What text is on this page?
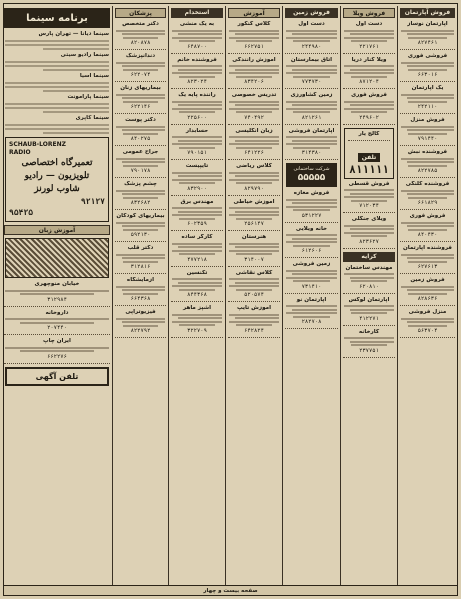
فروش آپارتمان
آپارتمان نوساز
۸۲۷۴۶۱
فروشی فوری
۶۶۳۰۱۶
یک آپارتمان
۲۴۲۱۱۰
فروش منزل
۷۹۱۴۴۰
فروشنده نبش
۸۲۲۷۸۵
فروشنده کلنگی
۶۶۱۸۲۹
فروش فوری
۸۴۰۴۳۰
فروشنده آپارتمان
۶۲۷۶۱۳
فروش زمین
۸۲۸۶۳۶
منزل فروشی
۵۶۳۷۰۴
فروش ویلا
دست اول
۲۲۱۷۶۱
ویلا کنار دریا
۸۷۱۲۰۴
فروش فوری
۲۴۹۶۰۲
کالج یار
تلفن
۸۱۱۱۱۱
فروش قسطی
۷۱۲۰۳۴
ویلای جنگلی
۸۲۳۶۲۷
کرایه
مهندس ساختمان
۶۲۰۸۱۰
آپارتمان لوکس
۴۱۲۲۷۱
کارخانه
۲۳۷۷۵۱
فروش زمین
دست اول
۲۴۴۹۸۰
اتاق بیمارستان
۷۷۳۷۳۰
زمین کشاورزی
۸۲۱۲۶۱
آپارتمان فروشی
۳۱۴۳۸۰
شرکت ساختمانی
۵۵۵۵۵
فروش مغازه
۵۳۱۲۲۷
خانه ویلایی
۶۱۲۶۰۶
زمین فروشی
۷۳۱۴۱۰
آپارتمان نو
۲۸۲۷۰۸
آموزش
کلاس کنکور
۶۶۲۷۵۱
آموزش رانندگی
۸۳۴۲۰۶
تدریس خصوصی
۷۴۰۴۹۲
زبان انگلیسی
۶۴۱۲۲۶
کلاس ریاضی
۸۲۹۷۹۰
آموزش خیاطی
۲۵۶۱۴۷
هنرستان
۳۱۴۰۰۷
کلاس نقاشی
۵۲۰۵۷۴
آموزش تایپ
۶۴۲۸۲۴
استخدام
به یک منشی
۶۴۸۷۰۰
فروشنده خانم
۸۲۳۰۲۴
راننده پایه یک
۲۲۵۶۰۰
حسابدار
۷۹۰۱۵۱
تایپیست
۸۳۲۹۰۰
مهندس برق
۶۰۲۳۵۹
کارگر ساده
۴۷۷۲۱۸
تکنسین
۸۴۴۳۶۸
آشپز ماهر
۳۲۲۷۰۹
پزشکان
دکتر متخصص
۸۲۰۸۷۸
دندانپزشک
۶۲۲۰۷۴
بیماریهای زنان
۶۲۲۱۴۶
دکتر پوست
۸۴۰۲۷۵
جراح عمومی
۷۹۰۱۷۸
چشم پزشک
۸۳۲۶۸۲
بیماریهای کودکان
۵۹۲۱۳۰
دکتر قلب
۳۱۲۸۱۶
آزمایشگاه
۶۶۴۳۶۸
فیزیوتراپی
۸۲۲۷۹۲
برنامه سینما
سینما دیانا — تهران پارس
سینما رادیو سیتی
سینما آسیا
سینما پارامونت
سینما کاپری
SCHAUB-LORENZ
RADIO
تعمیرگاه اختصاصی
تلویزیون — رادیو
شاوب لورنز
۹۲۱۲۷
۹۵۴۲۵
آموزش زبان
خیابان منوچهری
۳۱۲۹۸۴
داروخانه
۲۰۷۴۴۰
ایران چاپ
۶۶۲۲۷۶
تلفن آگهی
صفحه بیست و چهار
